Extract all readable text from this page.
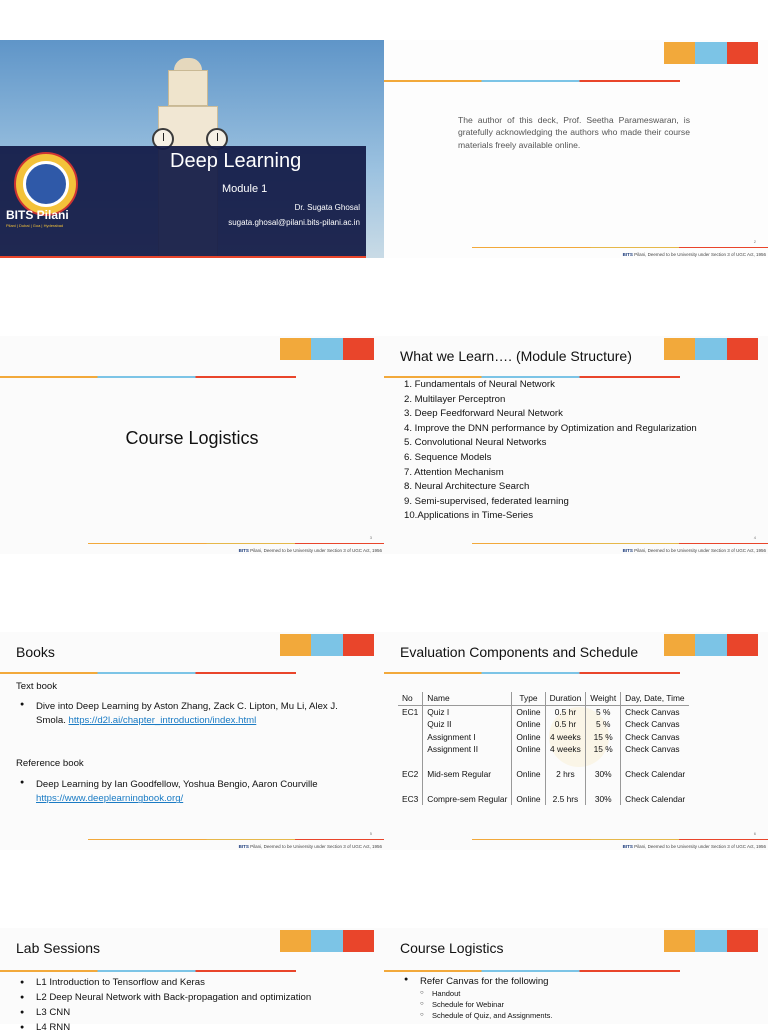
BITS Pilani
Pilani | Dubai | Goa | Hyderabad
Deep Learning
Module 1
Dr. Sugata Ghosal
sugata.ghosal@pilani.bits-pilani.ac.in

The author of this deck, Prof. Seetha Parameswaran, is gratefully acknowledging the authors who made their course materials freely available online.

2
BITS Pilani, Deemed to be University under Section 3 of UGC Act, 1956
Course Logistics
3
BITS Pilani, Deemed to be University under Section 3 of UGC Act, 1956
What we Learn…. (Module Structure)
1. Fundamentals of Neural Network
2. Multilayer Perceptron
3. Deep Feedforward Neural Network
4. Improve the DNN performance by Optimization and Regularization
5. Convolutional Neural Networks
6. Sequence Models
7. Attention Mechanism
8. Neural Architecture Search
9. Semi-supervised, federated learning
10.Applications in Time-Series
4
BITS Pilani, Deemed to be University under Section 3 of UGC Act, 1956
Books
Text book
● Dive into Deep Learning by Aston Zhang, Zack C. Lipton, Mu Li, Alex J. Smola. https://d2l.ai/chapter_introduction/index.html
Reference book
● Deep Learning by Ian Goodfellow, Yoshua Bengio, Aaron Courville
https://www.deeplearningbook.org/
5
BITS Pilani, Deemed to be University under Section 3 of UGC Act, 1956
Evaluation Components and Schedule
No	Name	Type	Duration	Weight	Day, Date, Time
EC1	Quiz I	Online	0.5 hr	5 %	Check Canvas
	Quiz II	Online	0.5 hr	5 %	Check Canvas
	Assignment I	Online	4 weeks	15 %	Check Canvas
	Assignment II	Online	4 weeks	15 %	Check Canvas

EC2	Mid-sem Regular	Online	2 hrs	30%	Check Calendar

EC3	Compre-sem Regular	Online	2.5 hrs	30%	Check Calendar
6
BITS Pilani, Deemed to be University under Section 3 of UGC Act, 1956
Lab Sessions
● L1 Introduction to Tensorflow and Keras
● L2 Deep Neural Network with Back-propagation and optimization
● L3 CNN
● L4 RNN
Course Logistics
● Refer Canvas for the following
○ Handout
○ Schedule for Webinar
○ Schedule of Quiz, and Assignments.
